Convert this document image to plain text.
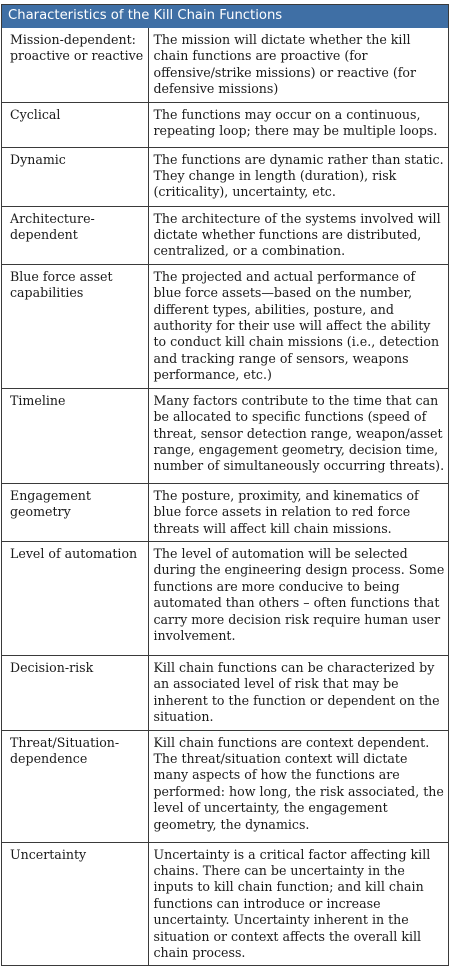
Characteristics of the Kill Chain Functions
Mission-dependent: proactive or reactive	The mission will dictate whether the kill chain functions are proactive (for offensive/strike missions) or reactive (for defensive missions)
Cyclical	The functions may occur on a continuous, repeating loop; there may be multiple loops.
Dynamic	The functions are dynamic rather than static. They change in length (duration), risk (criticality), uncertainty, etc.
Architecture-dependent	The architecture of the systems involved will dictate whether functions are distributed, centralized, or a combination.
Blue force asset capabilities	The projected and actual performance of blue force assets—based on the number, different types, abilities, posture, and authority for their use will affect the ability to conduct kill chain missions (i.e., detection and tracking range of sensors, weapons performance, etc.)
Timeline	Many factors contribute to the time that can be allocated to specific functions (speed of threat, sensor detection range, weapon/asset range, engagement geometry, decision time, number of simultaneously occurring threats).
Engagement geometry	The posture, proximity, and kinematics of blue force assets in relation to red force threats will affect kill chain missions.
Level of automation	The level of automation will be selected during the engineering design process. Some functions are more conducive to being automated than others – often functions that carry more decision risk require human user involvement.
Decision-risk	Kill chain functions can be characterized by an associated level of risk that may be inherent to the function or dependent on the situation.
Threat/Situation-dependence	Kill chain functions are context dependent. The threat/situation context will dictate many aspects of how the functions are performed: how long, the risk associated, the level of uncertainty, the engagement geometry, the dynamics.
Uncertainty	Uncertainty is a critical factor affecting kill chains. There can be uncertainty in the inputs to kill chain function; and kill chain functions can introduce or increase uncertainty. Uncertainty inherent in the situation or context affects the overall kill chain process.
